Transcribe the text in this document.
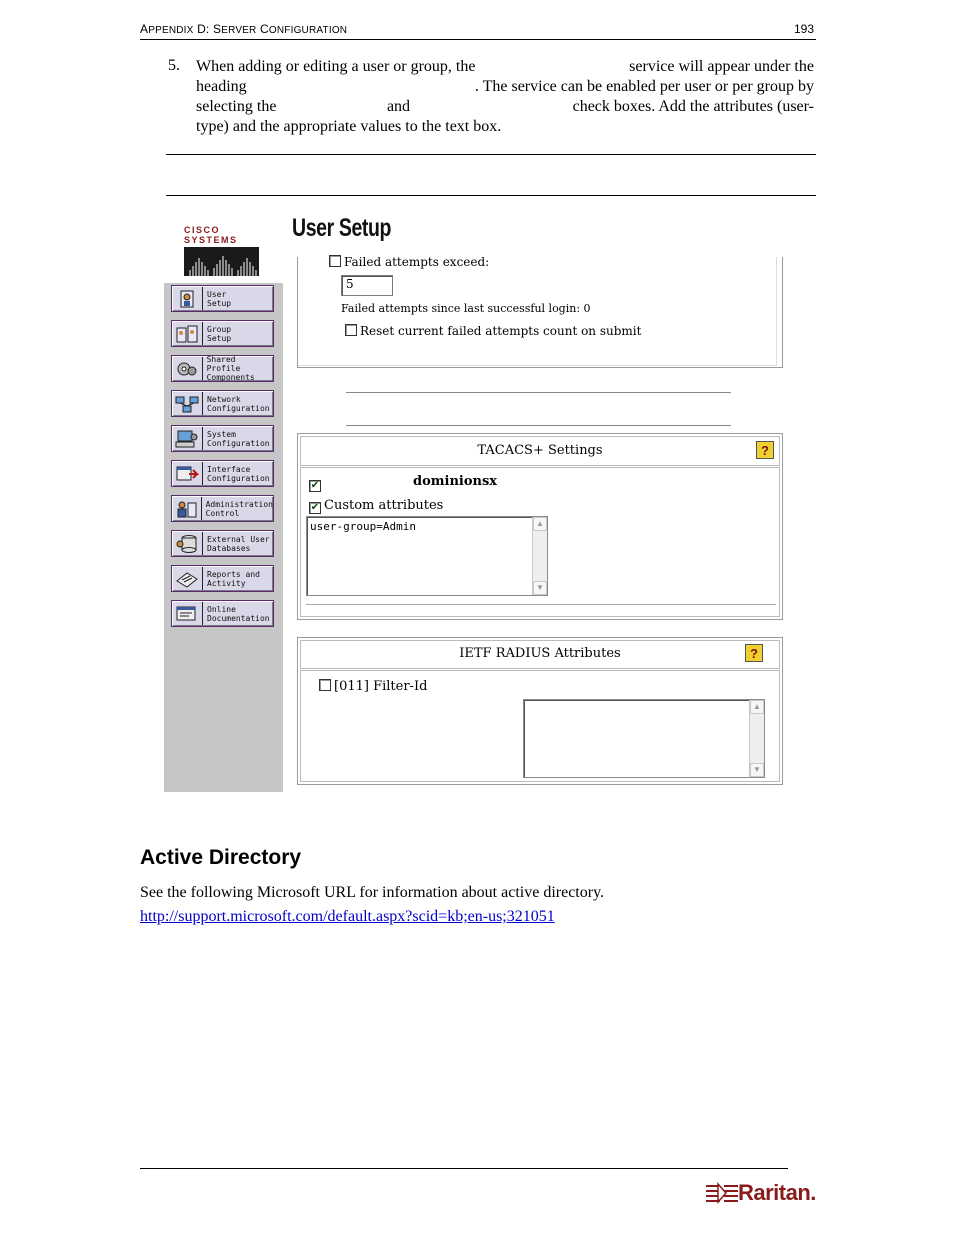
APPENDIX D: SERVER CONFIGURATION	193
5. When adding or editing a user or group, the	service will appear under the
heading	. The service can be enabled per user or per group by
selecting the	and	check boxes. Add the attributes (user-
type) and the appropriate values to the text box.
CISCO SYSTEMS	User Setup
User
Setup
Group
Setup
Shared Profile
Components
Network
Configuration
System
Configuration
Interface
Configuration
Administration
Control
External User
Databases
Reports and
Activity
Online
Documentation
Failed attempts exceed:
5
Failed attempts since last successful login: 0
Reset current failed attempts count on submit
TACACS+ Settings	?
✔
dominionsx
✔Custom attributes
user-group=Admin	▲
▼
IETF RADIUS Attributes	?
[011] Filter-Id
▲
▼
Active Directory
See the following Microsoft URL for information about active directory.
http://support.microsoft.com/default.aspx?scid=kb;en-us;321051
Raritan.
